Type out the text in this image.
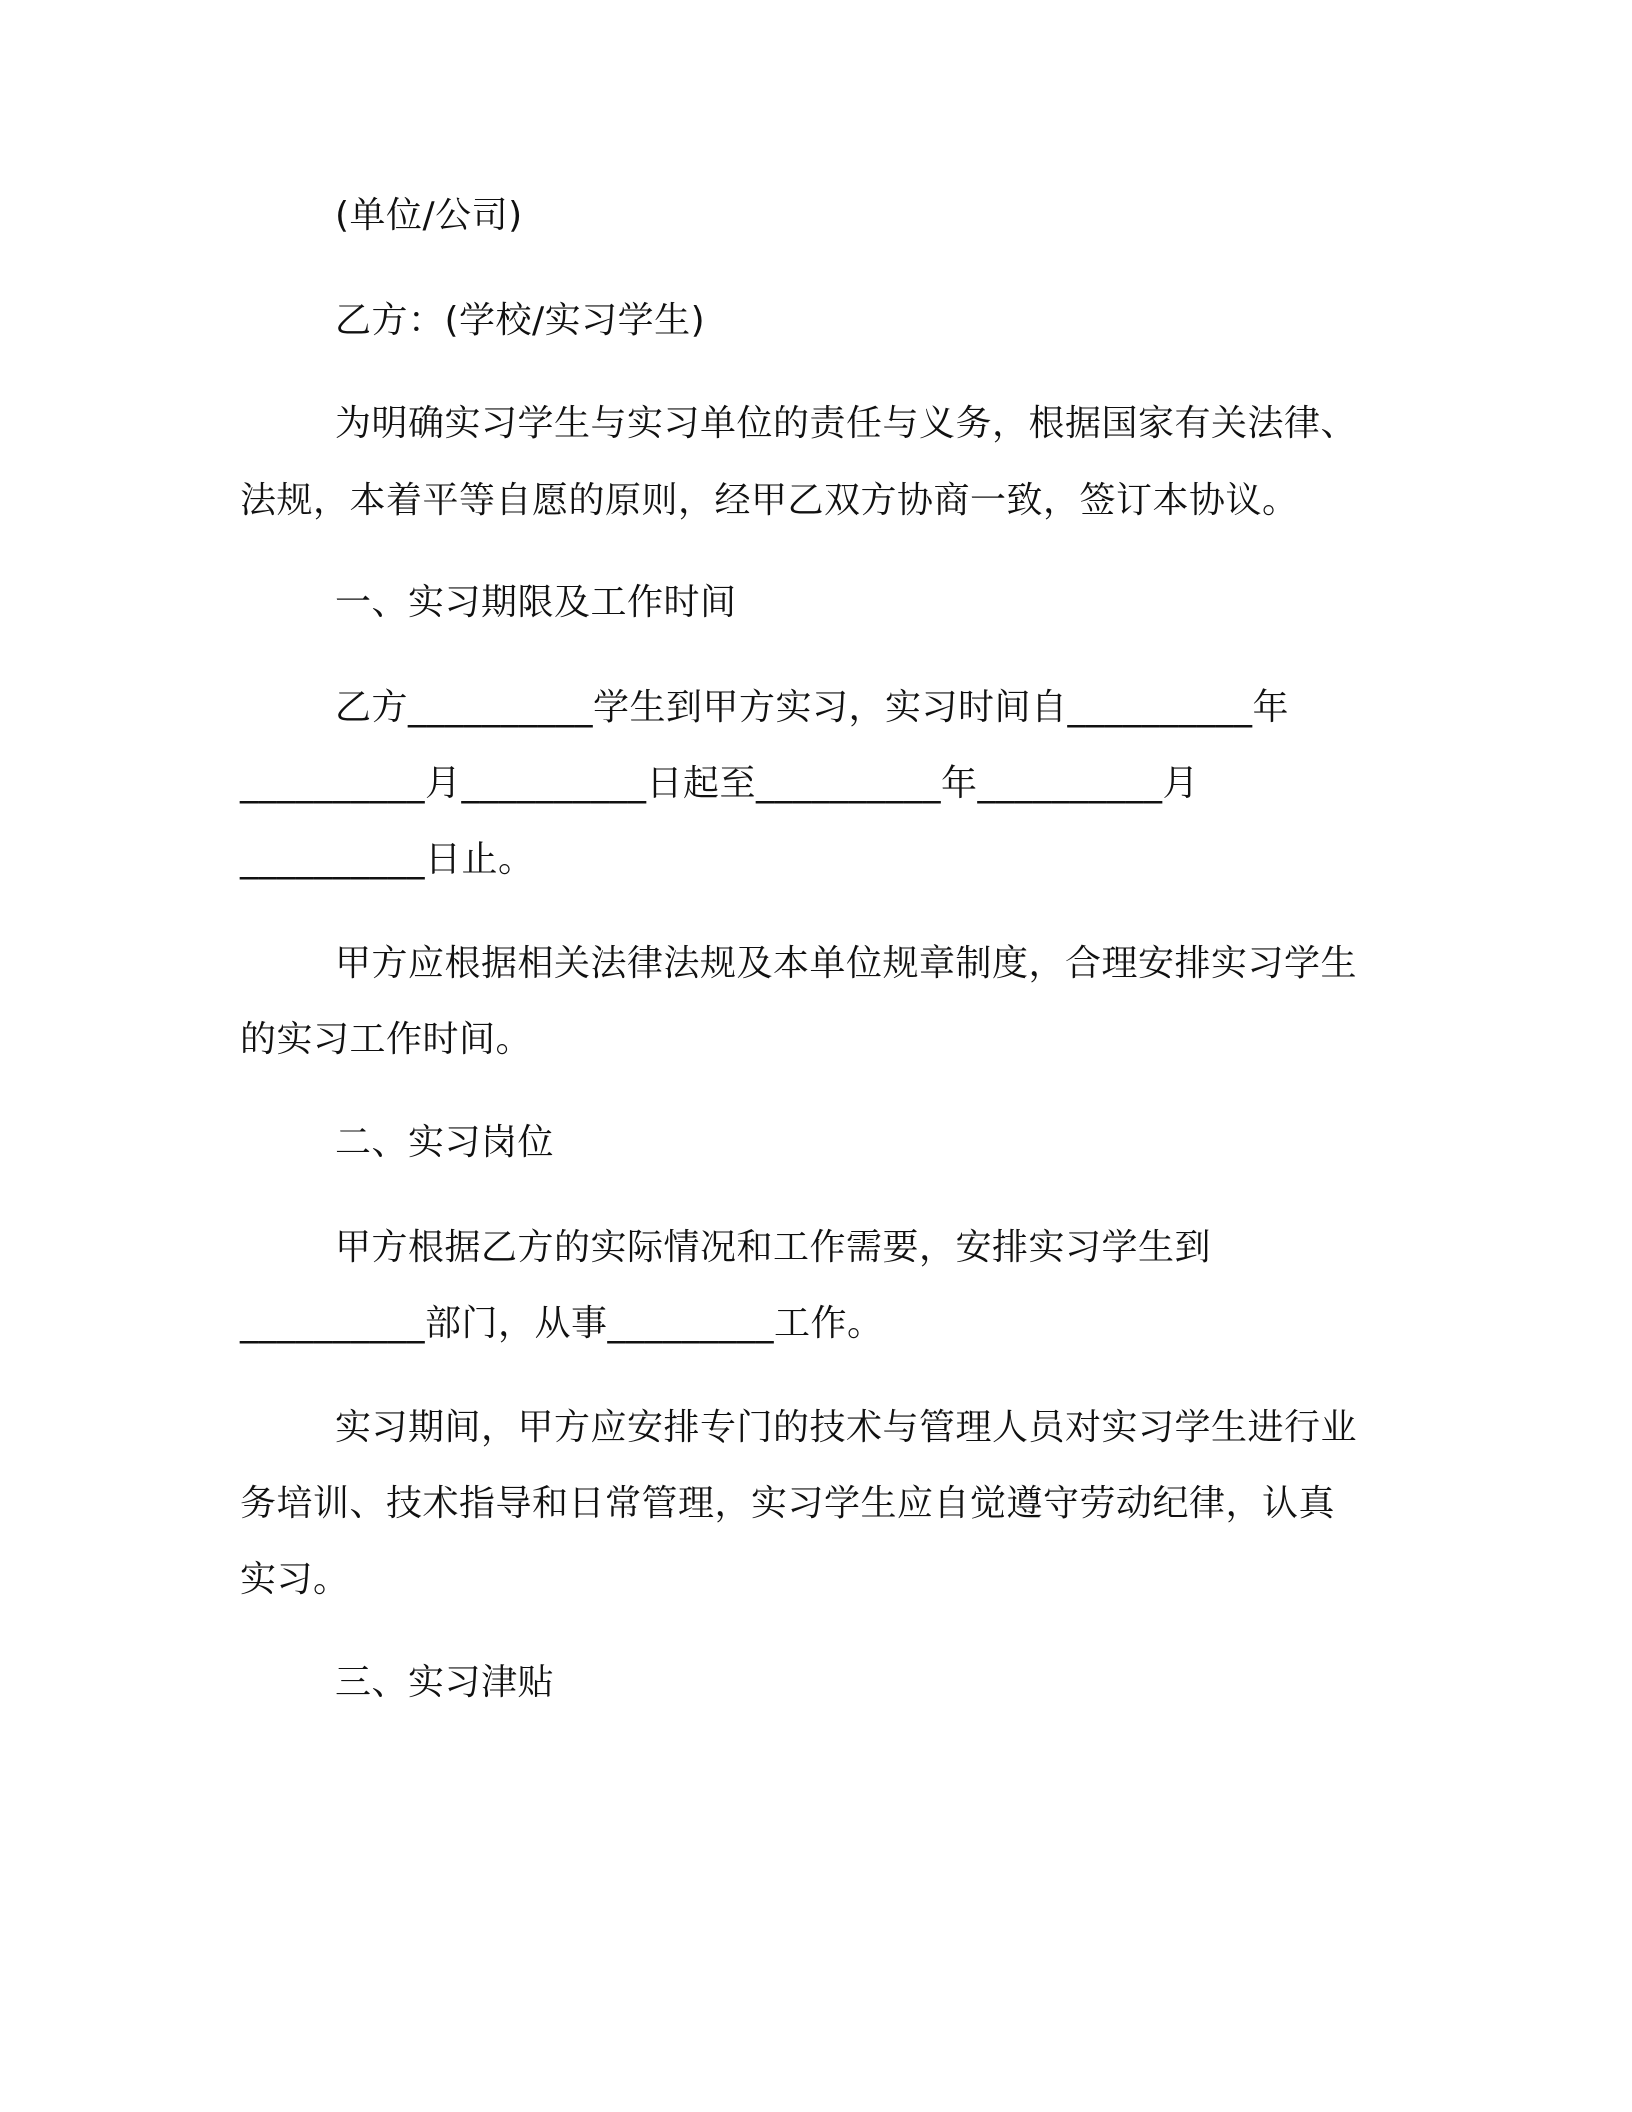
(单位/公司)
乙方：(学校/实习学生)
为明确实习学生与实习单位的责任与义务，根据国家有关法律、
法规，本着平等自愿的原则，经甲乙双方协商一致，签订本协议。
一、实习期限及工作时间
乙方__________学生到甲方实习，实习时间自__________年
__________月__________日起至__________年__________月
__________日止。
甲方应根据相关法律法规及本单位规章制度，合理安排实习学生
的实习工作时间。
二、实习岗位
甲方根据乙方的实际情况和工作需要，安排实习学生到
__________部门，从事_________工作。
实习期间，甲方应安排专门的技术与管理人员对实习学生进行业
务培训、技术指导和日常管理，实习学生应自觉遵守劳动纪律，认真
实习。
三、实习津贴
